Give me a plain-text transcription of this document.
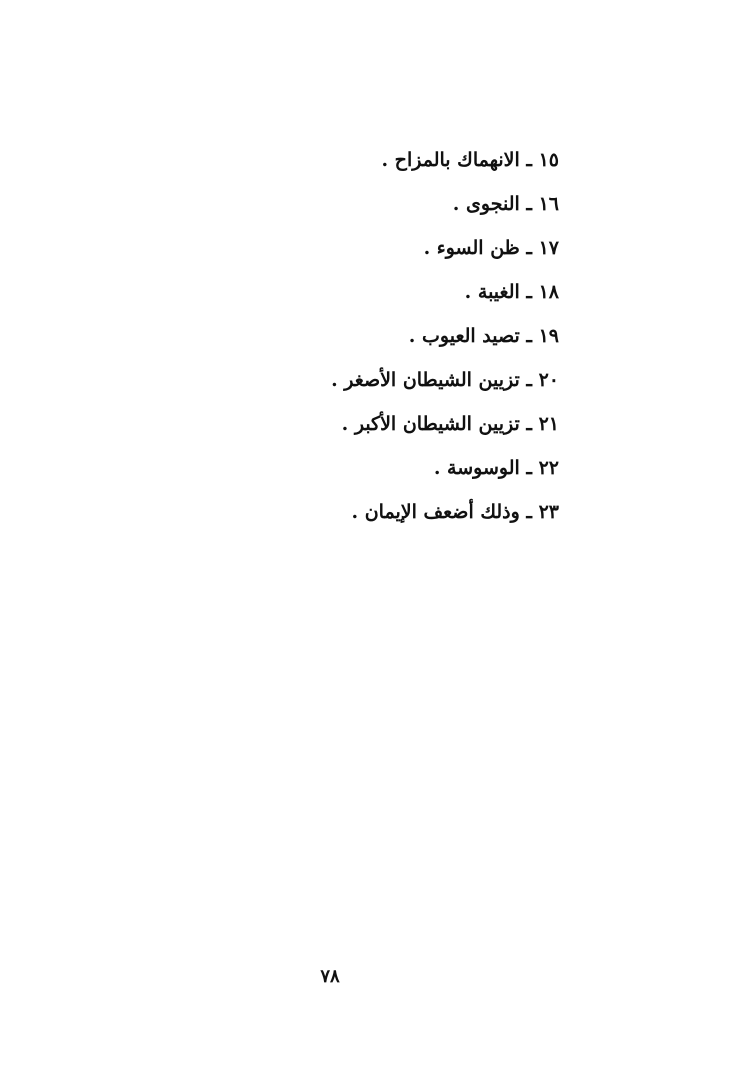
١٥ ـ الانهماك بالمزاح .
١٦ ـ النجوى .
١٧ ـ ظن السوء .
١٨ ـ الغيبة .
١٩ ـ تصيد العيوب .
٢٠ ـ تزيين الشيطان الأصغر .
٢١ ـ تزيين الشيطان الأكبر .
٢٢ ـ الوسوسة .
٢٣ ـ وذلك أضعف الإيمان .
٧٨
